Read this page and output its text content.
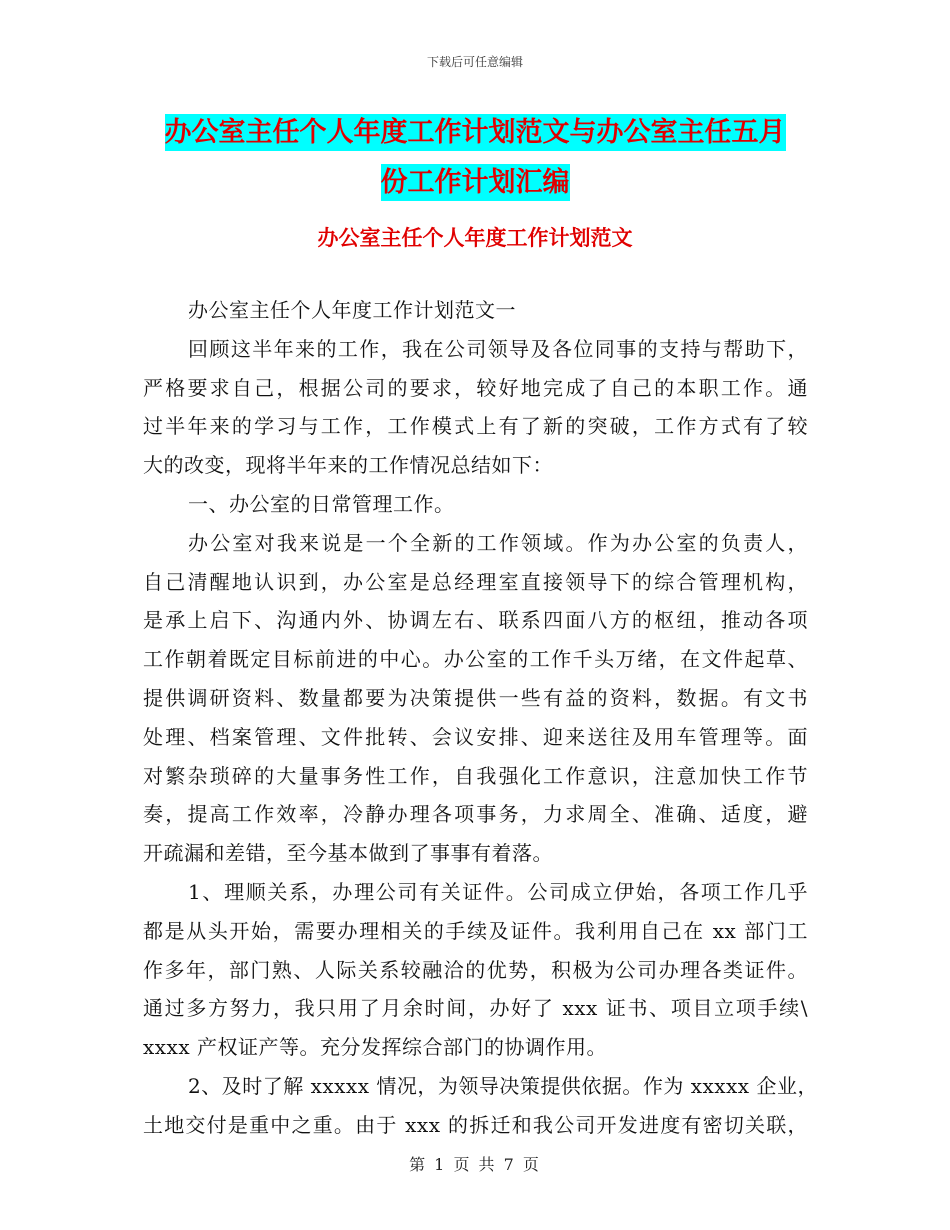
下载后可任意编辑
办公室主任个人年度工作计划范文与办公室主任五月
份工作计划汇编
办公室主任个人年度工作计划范文
办公室主任个人年度工作计划范文一
回顾这半年来的工作，我在公司领导及各位同事的支持与帮助下，
严格要求自己，根据公司的要求，较好地完成了自己的本职工作。通
过半年来的学习与工作，工作模式上有了新的突破，工作方式有了较
大的改变，现将半年来的工作情况总结如下：
一、办公室的日常管理工作。
办公室对我来说是一个全新的工作领域。作为办公室的负责人，
自己清醒地认识到，办公室是总经理室直接领导下的综合管理机构，
是承上启下、沟通内外、协调左右、联系四面八方的枢纽，推动各项
工作朝着既定目标前进的中心。办公室的工作千头万绪，在文件起草、
提供调研资料、数量都要为决策提供一些有益的资料，数据。有文书
处理、档案管理、文件批转、会议安排、迎来送往及用车管理等。面
对繁杂琐碎的大量事务性工作，自我强化工作意识，注意加快工作节
奏，提高工作效率，冷静办理各项事务，力求周全、准确、适度，避
开疏漏和差错，至今基本做到了事事有着落。
1、理顺关系，办理公司有关证件。公司成立伊始，各项工作几乎
都是从头开始，需要办理相关的手续及证件。我利用自己在 xx 部门工
作多年，部门熟、人际关系较融洽的优势，积极为公司办理各类证件。
通过多方努力，我只用了月余时间，办好了 xxx 证书、项目立项手续\
xxxx 产权证产等。充分发挥综合部门的协调作用。
2、及时了解 xxxxx 情况，为领导决策提供依据。作为 xxxxx 企业，
土地交付是重中之重。由于 xxx 的拆迁和我公司开发进度有密切关联，
第 1 页 共 7 页
